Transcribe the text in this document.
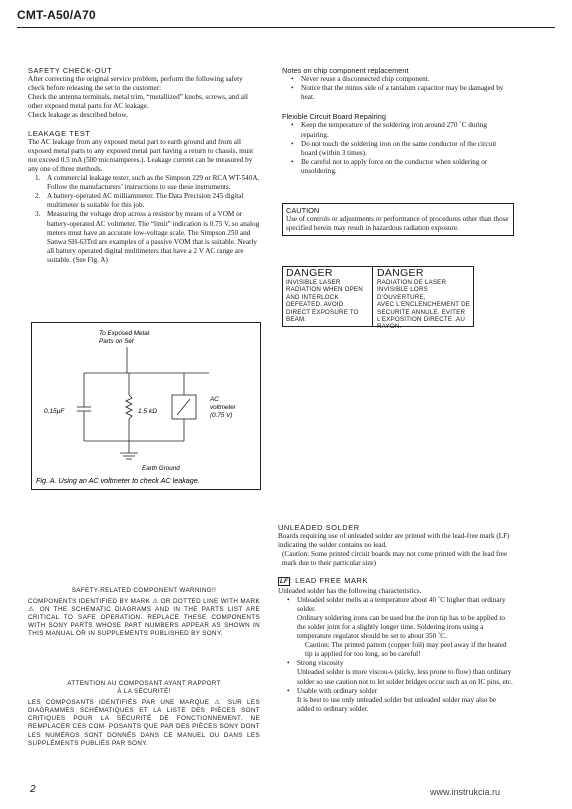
CMT-A50/A70
SAFETY CHECK-OUT

After correcting the original service problem, perform the following safety check before releasing the set to the customer:

Check the antenna terminals, metal trim, “metallized” knobs, screws, and all other exposed metal parts for AC leakage.

Check leakage as described below.

LEAKAGE TEST

The AC leakage from any exposed metal part to earth ground and from all exposed metal parts to any exposed metal part having a return to chassis, must not exceed 0.5 mA (500 microamperes.). Leakage current can be measured by any one of three methods.

1. A commercial leakage tester, such as the Simpson 229 or RCA WT-540A. Follow the manufacturers’ instructions to use these instruments.
2. A battery-operated AC milliammeter. The Data Precision 245 digital multimeter is suitable for this job.
3. Measuring the voltage drop across a resistor by means of a VOM or battery-operated AC voltmeter. The “limit” indication is 0.75 V, so analog meters must have an accurate low-voltage scale. The Simpson 250 and Sanwa SH-63Trd are examples of a passive VOM that is suitable. Nearly all battery operated digital multimeters that have a 2 V AC range are suitable. (See Fig. A)
To Exposed Metal
Parts on Set
0.15µF	1.5 kΩ
AC
voltmeter
(0.75 V)
Earth Ground
Fig. A. Using an AC voltmeter to check AC leakage.
Notes on chip component replacement
• Never reuse a disconnected chip component.
• Notice that the minus side of a tantalum capacitor may be damaged by heat.
Flexible Circuit Board Repairing
• Keep the temperature of the soldering iron around 270 ˚C during repairing.
• Do not touch the soldering iron on the same conductor of the circuit board (within 3 times).
• Be careful not to apply force on the conductor when soldering or unsoldering.
CAUTION
Use of controls or adjustments or performance of procedures other than those specified herein may result in hazardous radiation exposure.
DANGER
INVISIBLE LASER
RADIATION WHEN OPEN
AND INTERLOCK
DEFEATED. AVOID
DIRECT EXPOSURE TO
BEAM.
DANGER
RADIATION DE LASER
INVISIBLE LORS D’OUVERTURE,
AVEC L’ENCLENCHEMENT DE
SECURITE ANNULE. EVITER
L’EXPOSITION DIRECTE .AU
RAYON.
UNLEADED SOLDER

Boards requiring use of unleaded solder are printed with the lead-free mark (LF) indicating the solder contains no lead.

(Caution: Some printed circuit boards may not come printed with the lead free mark due to their particular size)

LF : LEAD FREE MARK

Unleaded solder has the following characteristics.

• Unleaded solder melts at a temperature about 40 ˚C higher than ordinary solder.
Ordinary soldering irons can be used but the iron tip has to be applied to the solder joint for a slightly longer time. Soldering irons using a temperature regulator should be set to about 350 ˚C.
Caution: The printed pattern (copper foil) may peel away if the heated tip is applied for too long, so be careful!
• Strong viscosity
Unleaded solder is more viscou-s (sticky, less prone to flow) than ordinary solder so use caution not to let solder bridges occur such as on IC pins, etc.
• Usable with ordinary solder
It is best to use only unleaded solder but unleaded solder may also be added to ordinary solder.
SAFETY-RELATED COMPONENT WARNING!!
COMPONENTS IDENTIFIED BY MARK ⚠ OR DOTTED LINE WITH MARK ⚠ ON THE SCHEMATIC DIAGRAMS AND IN THE PARTS LIST ARE CRITICAL TO SAFE OPERATION. REPLACE THESE COMPONENTS WITH SONY PARTS WHOSE PART NUMBERS APPEAR AS SHOWN IN THIS MANUAL OR IN SUPPLEMENTS PUBLISHED BY SONY.
ATTENTION AU COMPOSANT AYANT RAPPORT
À LA SÉCURITÉ!
LES COMPOSANTS IDENTIFIÉS PAR UNE MARQUE ⚠ SUR LES DIAGRAMMES SCHÉMATIQUES ET LA LISTE DES PIÈCES SONT CRITIQUES POUR LA SÉCURITÉ DE FONCTIONNEMENT. NE REMPLACER CES COM- POSANTS QUE PAR DES PIÈCES SONY DONT LES NUMÉROS SONT DONNÉS DANS CE MANUEL OU DANS LES SUPPLÉMENTS PUBLIÉS PAR SONY.
2	www.instrukcia.ru
